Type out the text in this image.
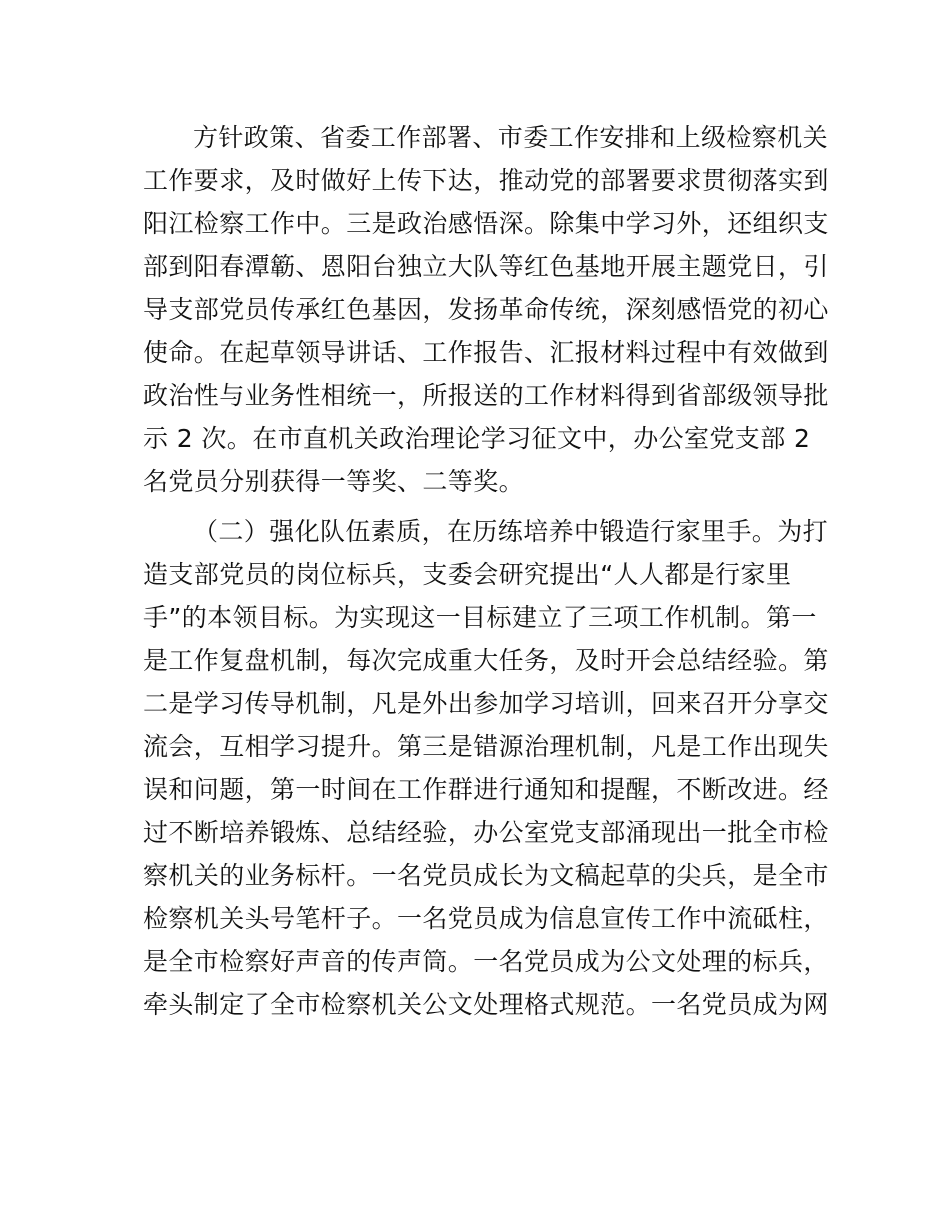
方针政策、省委工作部署、市委工作安排和上级检察机关
工作要求，及时做好上传下达，推动党的部署要求贯彻落实到
阳江检察工作中。三是政治感悟深。除集中学习外，还组织支
部到阳春潭簕、恩阳台独立大队等红色基地开展主题党日，引
导支部党员传承红色基因，发扬革命传统，深刻感悟党的初心
使命。在起草领导讲话、工作报告、汇报材料过程中有效做到
政治性与业务性相统一，所报送的工作材料得到省部级领导批
示 2 次。在市直机关政治理论学习征文中，办公室党支部 2
名党员分别获得一等奖、二等奖。
（二）强化队伍素质，在历练培养中锻造行家里手。为打
造支部党员的岗位标兵，支委会研究提出“人人都是行家里
手”的本领目标。为实现这一目标建立了三项工作机制。第一
是工作复盘机制，每次完成重大任务，及时开会总结经验。第
二是学习传导机制，凡是外出参加学习培训，回来召开分享交
流会，互相学习提升。第三是错源治理机制，凡是工作出现失
误和问题，第一时间在工作群进行通知和提醒，不断改进。经
过不断培养锻炼、总结经验，办公室党支部涌现出一批全市检
察机关的业务标杆。一名党员成长为文稿起草的尖兵，是全市
检察机关头号笔杆子。一名党员成为信息宣传工作中流砥柱，
是全市检察好声音的传声筒。一名党员成为公文处理的标兵，
牵头制定了全市检察机关公文处理格式规范。一名党员成为网
